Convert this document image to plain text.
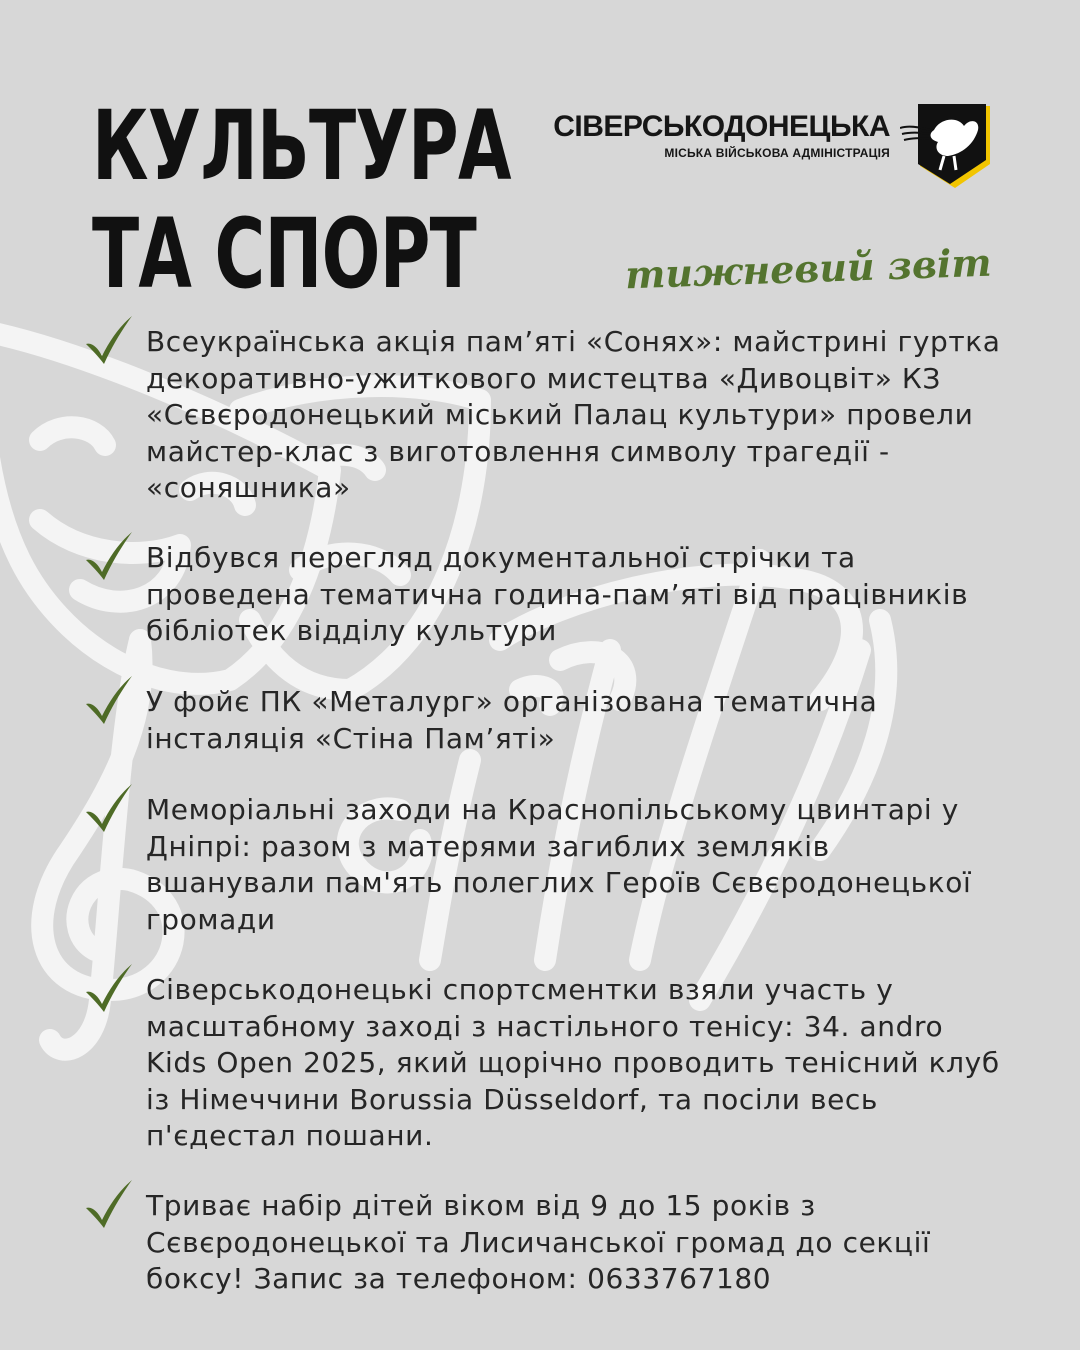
КУЛЬТУРА
ТА СПОРТ
СІВЕРСЬКОДОНЕЦЬКА
МІСЬКА ВІЙСЬКОВА АДМІНІСТРАЦІЯ
тижневий звіт

Всеукраїнська акція пам’яті «Сонях»: майстрині гуртка декоративно-ужиткового мистецтва «Дивоцвіт» КЗ «Сєвєродонецький міський Палац культури» провели майстер-клас з виготовлення символу трагедії - «соняшника»

Відбувся перегляд документальної стрічки та проведена тематична година-пам’яті від працівників бібліотек відділу культури

У фойє ПК «Металург» організована тематична інсталяція «Стіна Пам’яті»

Меморіальні заходи на Краснопільському цвинтарі у Дніпрі: разом з матерями загиблих земляків вшанували пам'ять полеглих Героїв Сєвєродонецької громади

Сіверськодонецькі спортсментки взяли участь у масштабному заході з настільного тенісу: 34. andro Kids Open 2025, який щорічно проводить тенісний клуб із Німеччини Borussia Düsseldorf, та посіли весь п'єдестал пошани.

Триває набір дітей віком від 9 до 15 років з Сєвєродонецької та Лисичанської громад до секції боксу! Запис за телефоном: 0633767180
